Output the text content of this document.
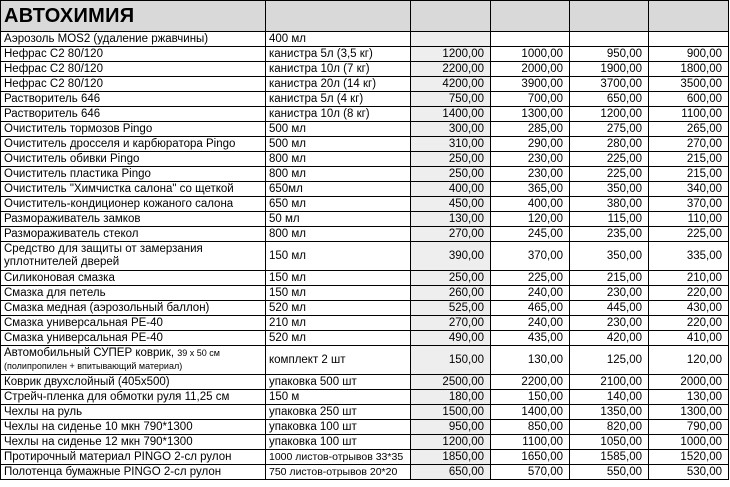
АВТОХИМИЯ					
Аэрозоль MOS2 (удаление ржавчины)	400 мл				
Нефрас С2 80/120	канистра 5л (3,5 кг)	1200,00	1000,00	950,00	900,00
Нефрас С2 80/120	канистра 10л (7 кг)	2200,00	2000,00	1900,00	1800,00
Нефрас С2 80/120	канистра 20л (14 кг)	4200,00	3900,00	3700,00	3500,00
Растворитель 646	канистра 5л (4 кг)	750,00	700,00	650,00	600,00
Растворитель 646	канистра 10л (8 кг)	1400,00	1300,00	1200,00	1100,00
Очиститель тормозов Pingo	500 мл	300,00	285,00	275,00	265,00
Очиститель дросселя и карбюратора Pingo	500 мл	310,00	290,00	280,00	270,00
Очиститель обивки Pingo	800 мл	250,00	230,00	225,00	215,00
Очиститель пластика Pingo	800 мл	250,00	230,00	225,00	215,00
Очиститель "Химчистка салона" со щеткой	650мл	400,00	365,00	350,00	340,00
Очиститель-кондиционер кожаного салона	650 мл	450,00	400,00	380,00	370,00
Размораживатель замков	50 мл	130,00	120,00	115,00	110,00
Размораживатель стекол	800 мл	270,00	245,00	235,00	225,00
Средство для защиты от замерзания
уплотнителей дверей	150 мл	390,00	370,00	350,00	335,00
Силиконовая смазка	150 мл	250,00	225,00	215,00	210,00
Смазка для петель	150 мл	260,00	240,00	230,00	220,00
Смазка медная (аэрозольный баллон)	520 мл	525,00	465,00	445,00	430,00
Смазка универсальная PE-40	210 мл	270,00	240,00	230,00	220,00
Смазка универсальная PE-40	520 мл	490,00	435,00	420,00	410,00
Автомобильный СУПЕР коврик, 39 x 50 см
(полипропилен + впитывающий материал)	комплект 2 шт	150,00	130,00	125,00	120,00
Коврик двухслойный (405х500)	упаковка 500 шт	2500,00	2200,00	2100,00	2000,00
Стрейч-пленка для обмотки руля 11,25 см	150 м	180,00	150,00	140,00	130,00
Чехлы на руль	упаковка 250 шт	1500,00	1400,00	1350,00	1300,00
Чехлы на сиденье 10 мкн 790*1300	упаковка 100 шт	950,00	850,00	820,00	790,00
Чехлы на сиденье 12 мкн 790*1300	упаковка 100 шт	1200,00	1100,00	1050,00	1000,00
Протирочный материал PINGO 2-сл рулон	1000 листов-отрывов 33*35	1850,00	1650,00	1585,00	1520,00
Полотенца бумажные PINGO 2-сл рулон	750 листов-отрывов 20*20	650,00	570,00	550,00	530,00
